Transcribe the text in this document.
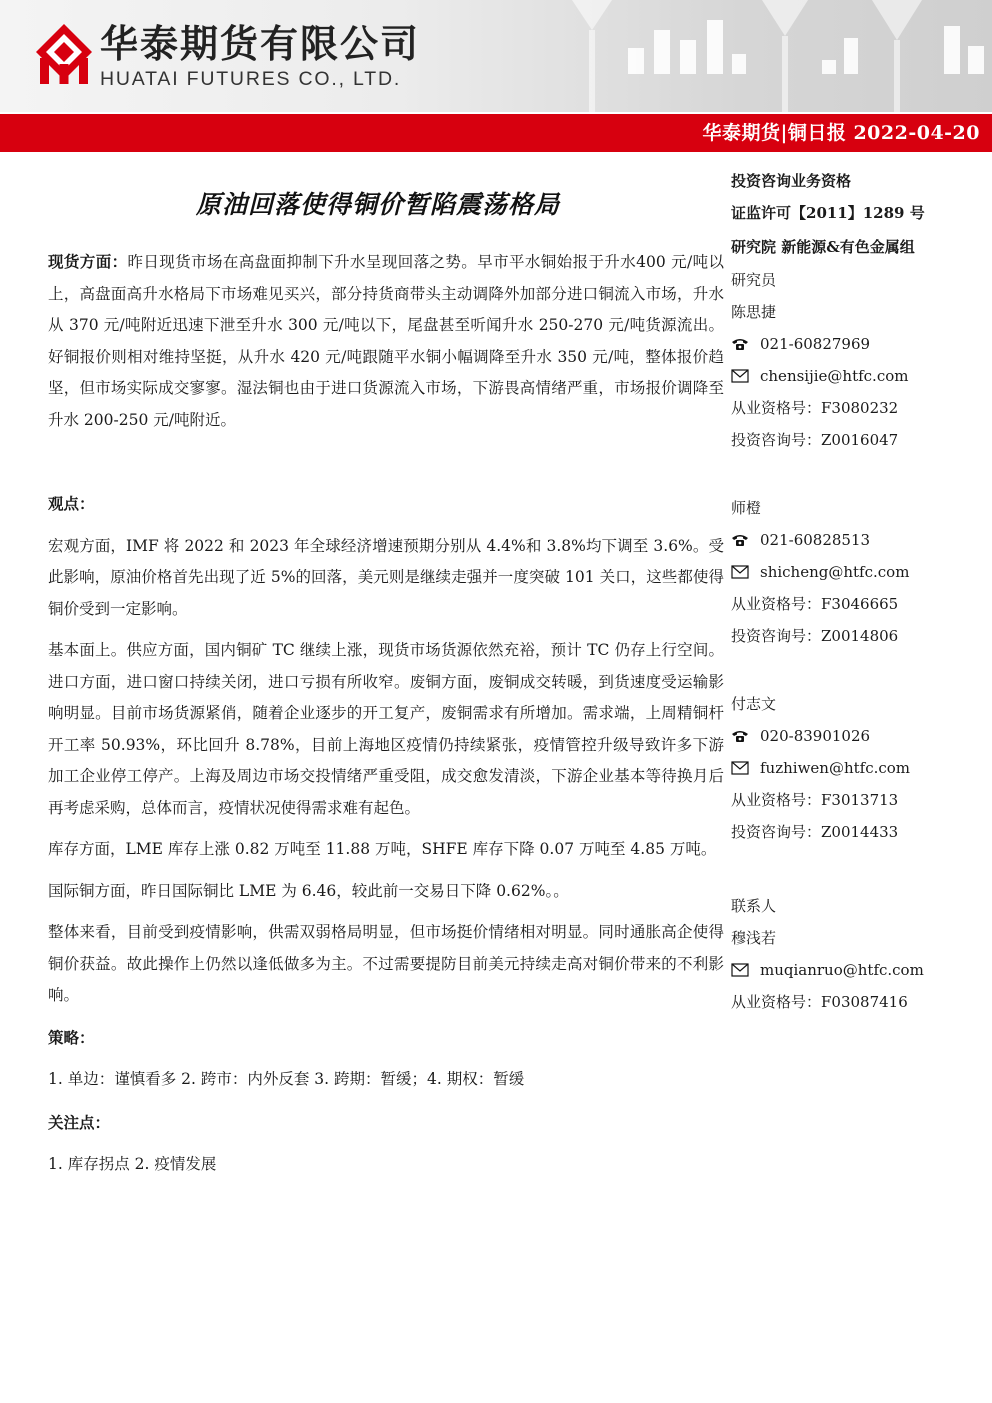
华泰期货有限公司
HUATAI FUTURES CO., LTD.
华泰期货|铜日报 2022-04-20
原油回落使得铜价暂陷震荡格局

现货方面：昨日现货市场在高盘面抑制下升水呈现回落之势。早市平水铜始报于升水400 元/吨以上，高盘面高升水格局下市场难见买兴，部分持货商带头主动调降外加部分进口铜流入市场，升水从 370 元/吨附近迅速下泄至升水 300 元/吨以下，尾盘甚至听闻升水 250-270 元/吨货源流出。好铜报价则相对维持坚挺，从升水 420 元/吨跟随平水铜小幅调降至升水 350 元/吨，整体报价趋坚，但市场实际成交寥寥。湿法铜也由于进口货源流入市场，下游畏高情绪严重，市场报价调降至升水 200-250 元/吨附近。

观点：

宏观方面，IMF 将 2022 和 2023 年全球经济增速预期分别从 4.4%和 3.8%均下调至 3.6%。受此影响，原油价格首先出现了近 5%的回落，美元则是继续走强并一度突破 101 关口，这些都使得铜价受到一定影响。

基本面上。供应方面，国内铜矿 TC 继续上涨，现货市场货源依然充裕，预计 TC 仍存上行空间。进口方面，进口窗口持续关闭，进口亏损有所收窄。废铜方面，废铜成交转暖，到货速度受运输影响明显。目前市场货源紧俏，随着企业逐步的开工复产，废铜需求有所增加。需求端，上周精铜杆开工率 50.93%，环比回升 8.78%，目前上海地区疫情仍持续紧张，疫情管控升级导致许多下游加工企业停工停产。上海及周边市场交投情绪严重受阻，成交愈发清淡，下游企业基本等待换月后再考虑采购，总体而言，疫情状况使得需求难有起色。

库存方面，LME 库存上涨 0.82 万吨至 11.88 万吨，SHFE 库存下降 0.07 万吨至 4.85 万吨。

国际铜方面，昨日国际铜比 LME 为 6.46，较此前一交易日下降 0.62%。。

整体来看，目前受到疫情影响，供需双弱格局明显，但市场挺价情绪相对明显。同时通胀高企使得铜价获益。故此操作上仍然以逢低做多为主。不过需要提防目前美元持续走高对铜价带来的不利影响。

策略：
1. 单边：谨慎看多 2. 跨市：内外反套 3. 跨期：暂缓；4. 期权：暂缓
关注点：
1. 库存拐点 2. 疫情发展
投资咨询业务资格
证监许可【2011】1289 号
研究院 新能源&有色金属组
研究员
陈思捷
021-60827969
chensijie@htfc.com
从业资格号：F3080232
投资咨询号：Z0016047
师橙
021-60828513
shicheng@htfc.com
从业资格号：F3046665
投资咨询号：Z0014806
付志文
020-83901026
fuzhiwen@htfc.com
从业资格号：F3013713
投资咨询号：Z0014433
联系人
穆浅若
muqianruo@htfc.com
从业资格号：F03087416
